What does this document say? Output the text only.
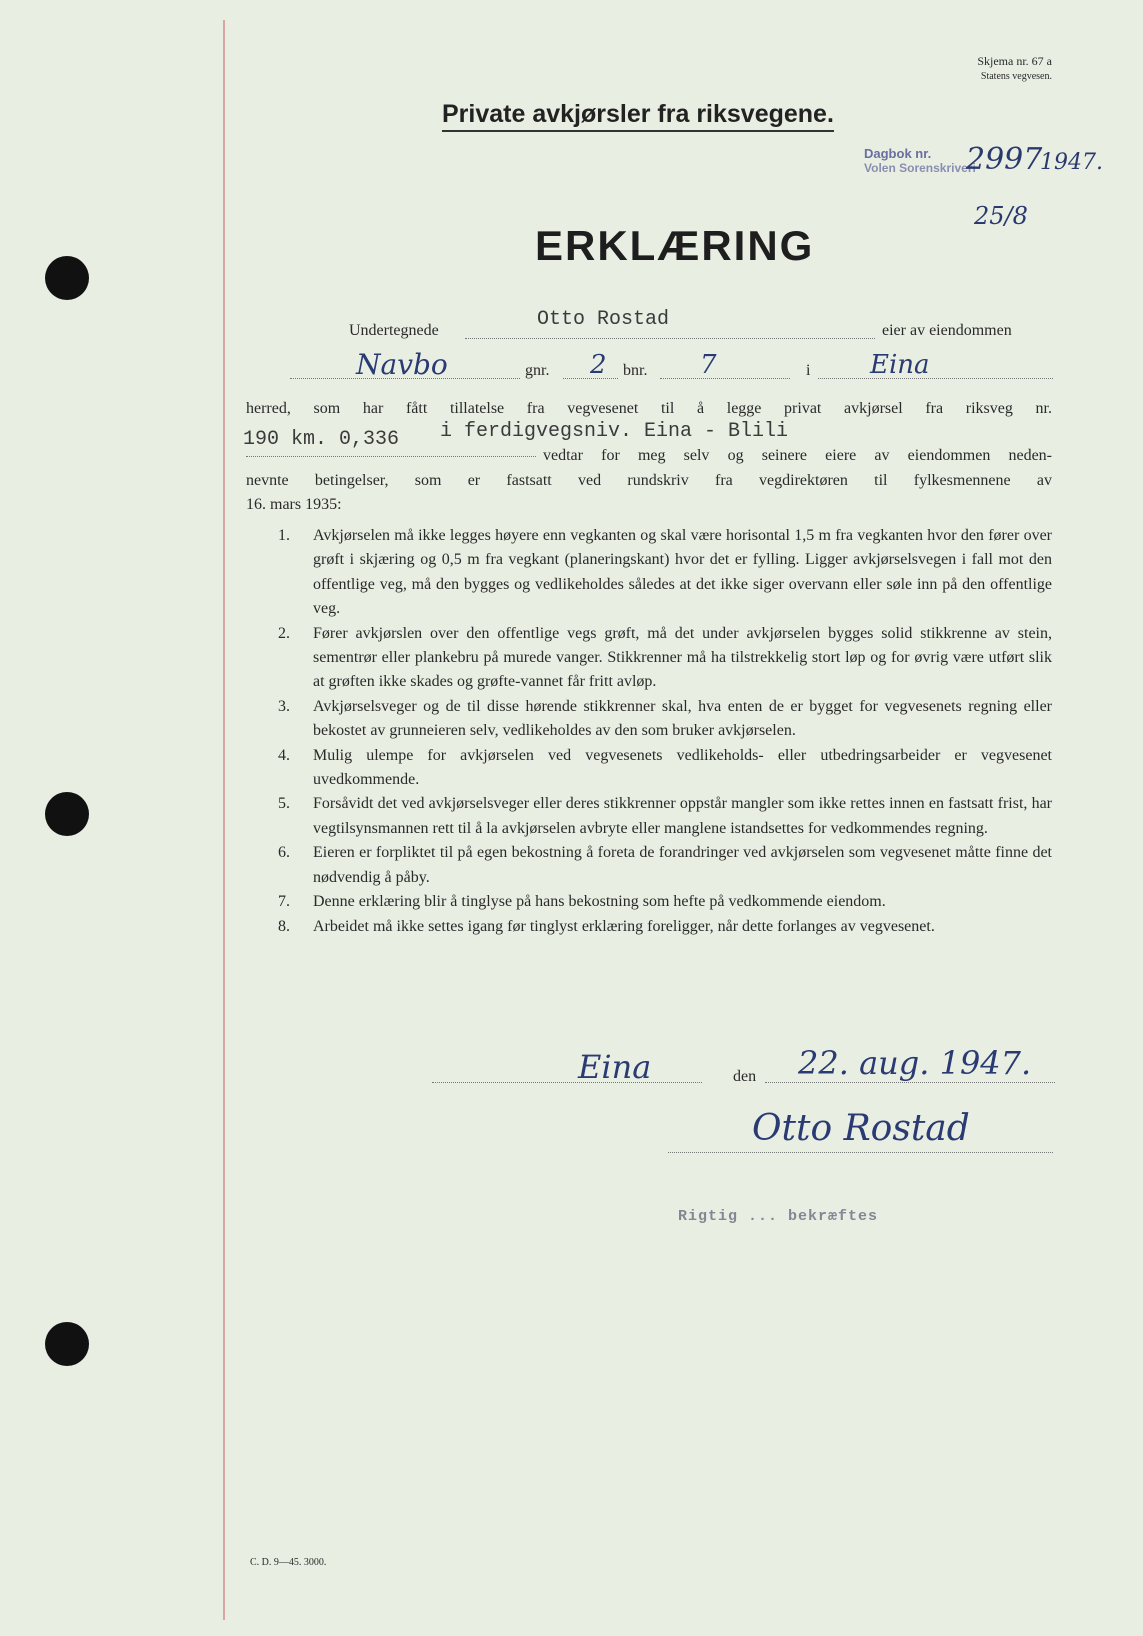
Skjema nr. 67 a
Statens vegvesen.
Private avkjørsler fra riksvegene.
Dagbok nr.
Volen Sorenskriveri
2997
1947.
25/8
ERKLÆRING
Undertegnede	Otto Rostad	eier av eiendommen
Navbo	gnr. 2 bnr. 7	i Eina
herred, som har fått tillatelse fra vegvesenet til å legge privat avkjørsel fra riksveg nr.
190 km. 0,336 i ferdigvegsniv. Eina - Blili
vedtar for meg selv og seinere eiere av eiendommen neden-
nevnte betingelser, som er fastsatt ved rundskriv fra vegdirektøren til fylkesmennene av
16. mars 1935:
1. Avkjørselen må ikke legges høyere enn vegkanten og skal være horisontal 1,5 m fra vegkanten hvor den fører over grøft i skjæring og 0,5 m fra vegkant (planeringskant) hvor det er fylling. Ligger avkjørselsvegen i fall mot den offentlige veg, må den bygges og vedlikeholdes således at det ikke siger overvann eller søle inn på den offentlige veg.
2. Fører avkjørslen over den offentlige vegs grøft, må det under avkjørselen bygges solid stikkrenne av stein, sementrør eller plankebru på murede vanger. Stikkrenner må ha tilstrekkelig stort løp og for øvrig være utført slik at grøften ikke skades og grøfte-vannet får fritt avløp.
3. Avkjørselsveger og de til disse hørende stikkrenner skal, hva enten de er bygget for vegvesenets regning eller bekostet av grunneieren selv, vedlikeholdes av den som bruker avkjørselen.
4. Mulig ulempe for avkjørselen ved vegvesenets vedlikeholds- eller utbedringsarbeider er vegvesenet uvedkommende.
5. Forsåvidt det ved avkjørselsveger eller deres stikkrenner oppstår mangler som ikke rettes innen en fastsatt frist, har vegtilsynsmannen rett til å la avkjørselen avbryte eller manglene istandsettes for vedkommendes regning.
6. Eieren er forpliktet til på egen bekostning å foreta de forandringer ved avkjørselen som vegvesenet måtte finne det nødvendig å påby.
7. Denne erklæring blir å tinglyse på hans bekostning som hefte på vedkommende eiendom.
8. Arbeidet må ikke settes igang før tinglyst erklæring foreligger, når dette forlanges av vegvesenet.
Eina	den 22. aug. 1947.
Otto Rostad
Rigtig ... bekræftes
C. D. 9—45. 3000.
